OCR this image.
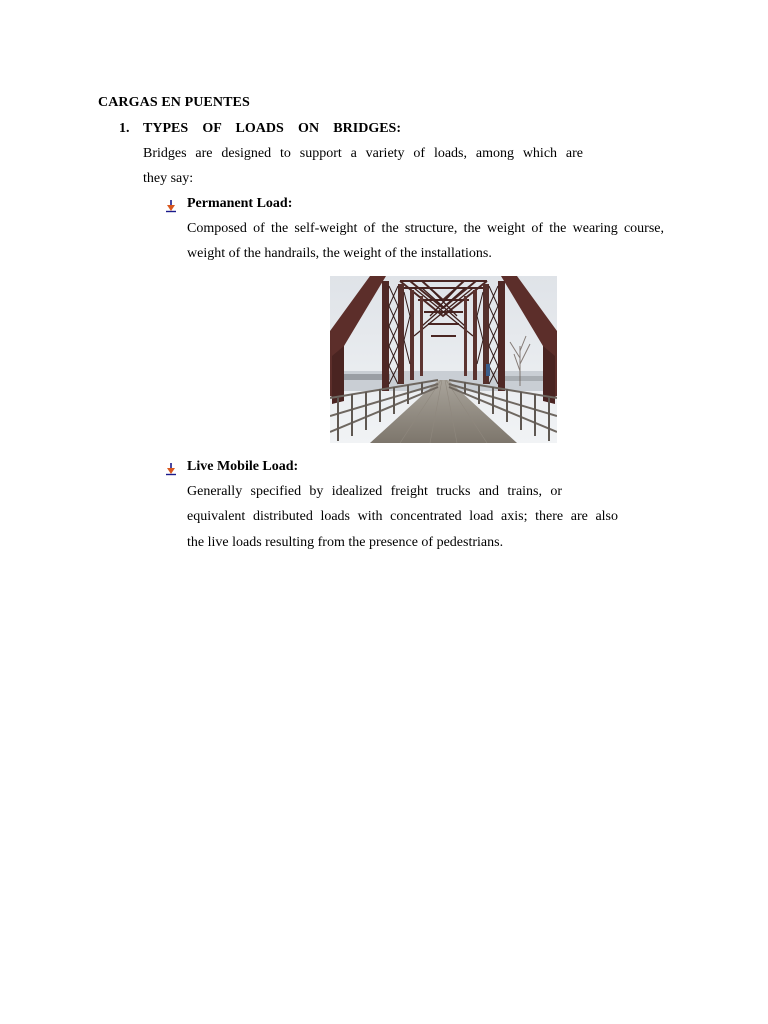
CARGAS EN PUENTES
1. TYPES OF LOADS ON BRIDGES:

Bridges are designed to support a variety of loads, among which are

they say:

Permanent Load:

Composed of the self-weight of the structure, the weight of the wearing course,

weight of the handrails, the weight of the installations.

Live Mobile Load:

Generally specified by idealized freight trucks and trains, or

equivalent distributed loads with concentrated load axis; there are also

the live loads resulting from the presence of pedestrians.
